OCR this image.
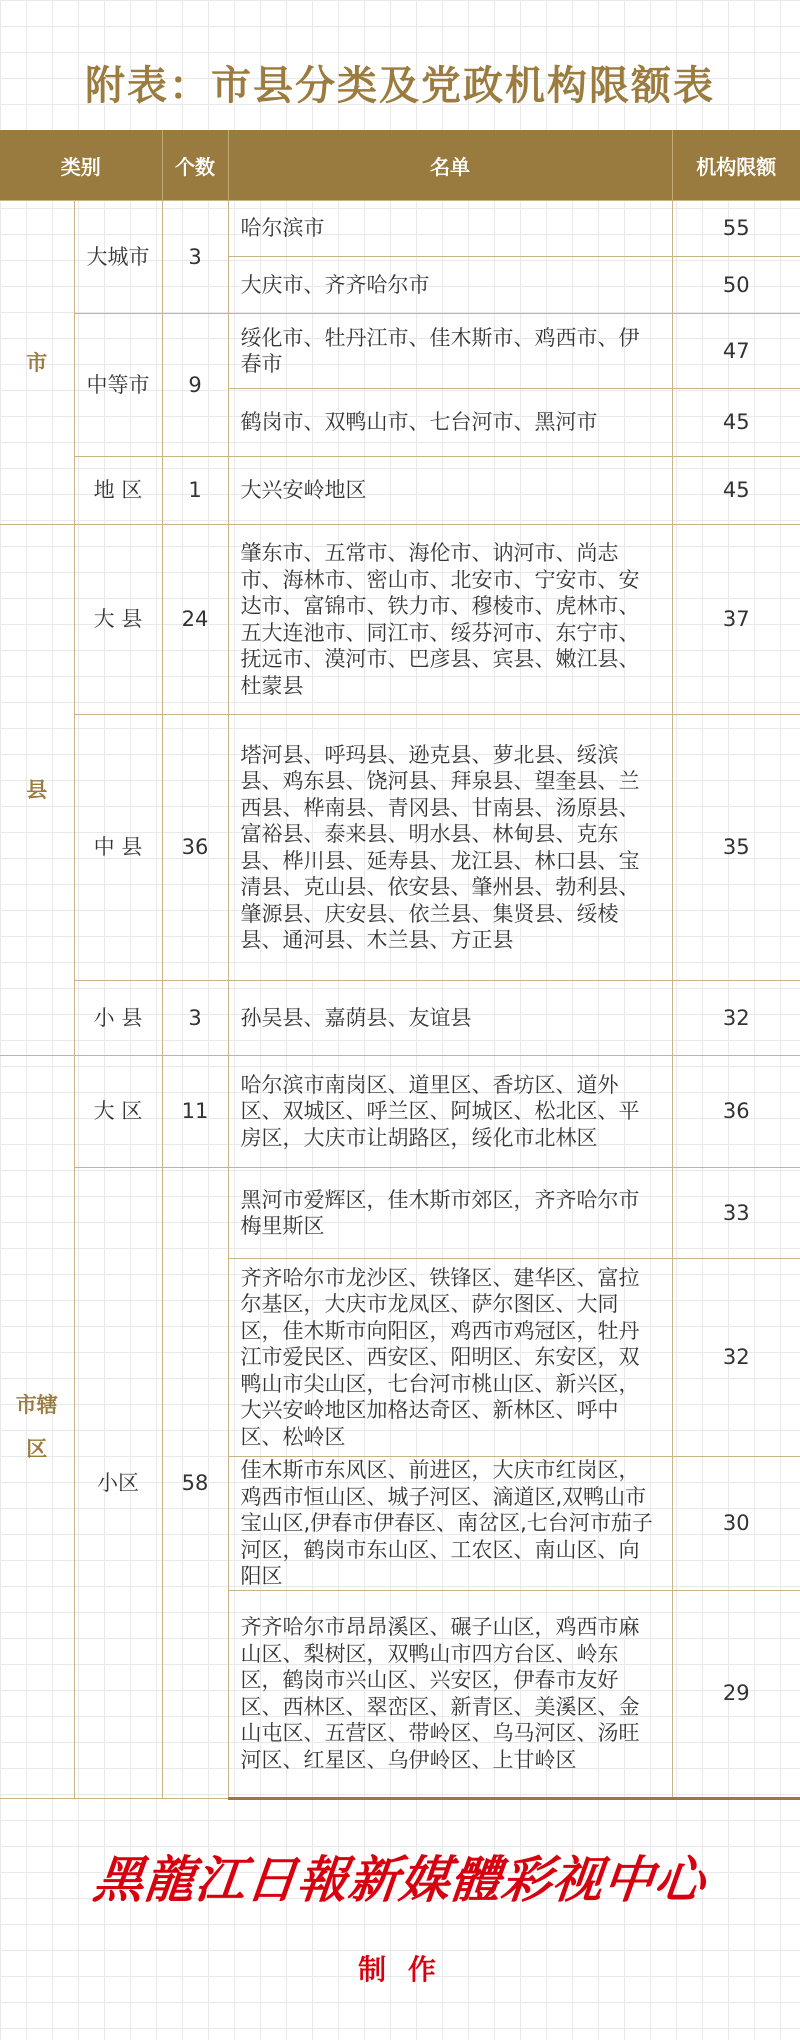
附表：市县分类及党政机构限额表
类别		个数	名单	机构限额
市	大城市	3	哈尔滨市	55
			大庆市、齐齐哈尔市	50
	中等市	9	绥化市、牡丹江市、佳木斯市、鸡西市、伊春市	47
			鹤岗市、双鸭山市、七台河市、黑河市	45
	地 区	1	大兴安岭地区	45
县	大 县	24	肇东市、五常市、海伦市、讷河市、尚志市、海林市、密山市、北安市、宁安市、安达市、富锦市、铁力市、穆棱市、虎林市、五大连池市、同江市、绥芬河市、东宁市、抚远市、漠河市、巴彦县、宾县、嫩江县、杜蒙县	37
	中 县	36	塔河县、呼玛县、逊克县、萝北县、绥滨县、鸡东县、饶河县、拜泉县、望奎县、兰西县、桦南县、青冈县、甘南县、汤原县、富裕县、泰来县、明水县、林甸县、克东县、桦川县、延寿县、龙江县、林口县、宝清县、克山县、依安县、肇州县、勃利县、肇源县、庆安县、依兰县、集贤县、绥棱县、通河县、木兰县、方正县	35
	小 县	3	孙吴县、嘉荫县、友谊县	32
市辖区	大 区	11	哈尔滨市南岗区、道里区、香坊区、道外区、双城区、呼兰区、阿城区、松北区、平房区，大庆市让胡路区，绥化市北林区	36
	小区	58	黑河市爱辉区，佳木斯市郊区，齐齐哈尔市梅里斯区	33
			齐齐哈尔市龙沙区、铁锋区、建华区、富拉尔基区，大庆市龙凤区、萨尔图区、大同区，佳木斯市向阳区，鸡西市鸡冠区，牡丹江市爱民区、西安区、阳明区、东安区，双鸭山市尖山区，七台河市桃山区、新兴区，大兴安岭地区加格达奇区、新林区、呼中区、松岭区	32
			佳木斯市东风区、前进区，大庆市红岗区，鸡西市恒山区、城子河区、滴道区,双鸭山市宝山区,伊春市伊春区、南岔区,七台河市茄子河区，鹤岗市东山区、工农区、南山区、向阳区	30
			齐齐哈尔市昂昂溪区、碾子山区，鸡西市麻山区、梨树区，双鸭山市四方台区、岭东区，鹤岗市兴山区、兴安区，伊春市友好区、西林区、翠峦区、新青区、美溪区、金山屯区、五营区、带岭区、乌马河区、汤旺河区、红星区、乌伊岭区、上甘岭区	29
黑龍江日報新媒體彩视中心
制 作
